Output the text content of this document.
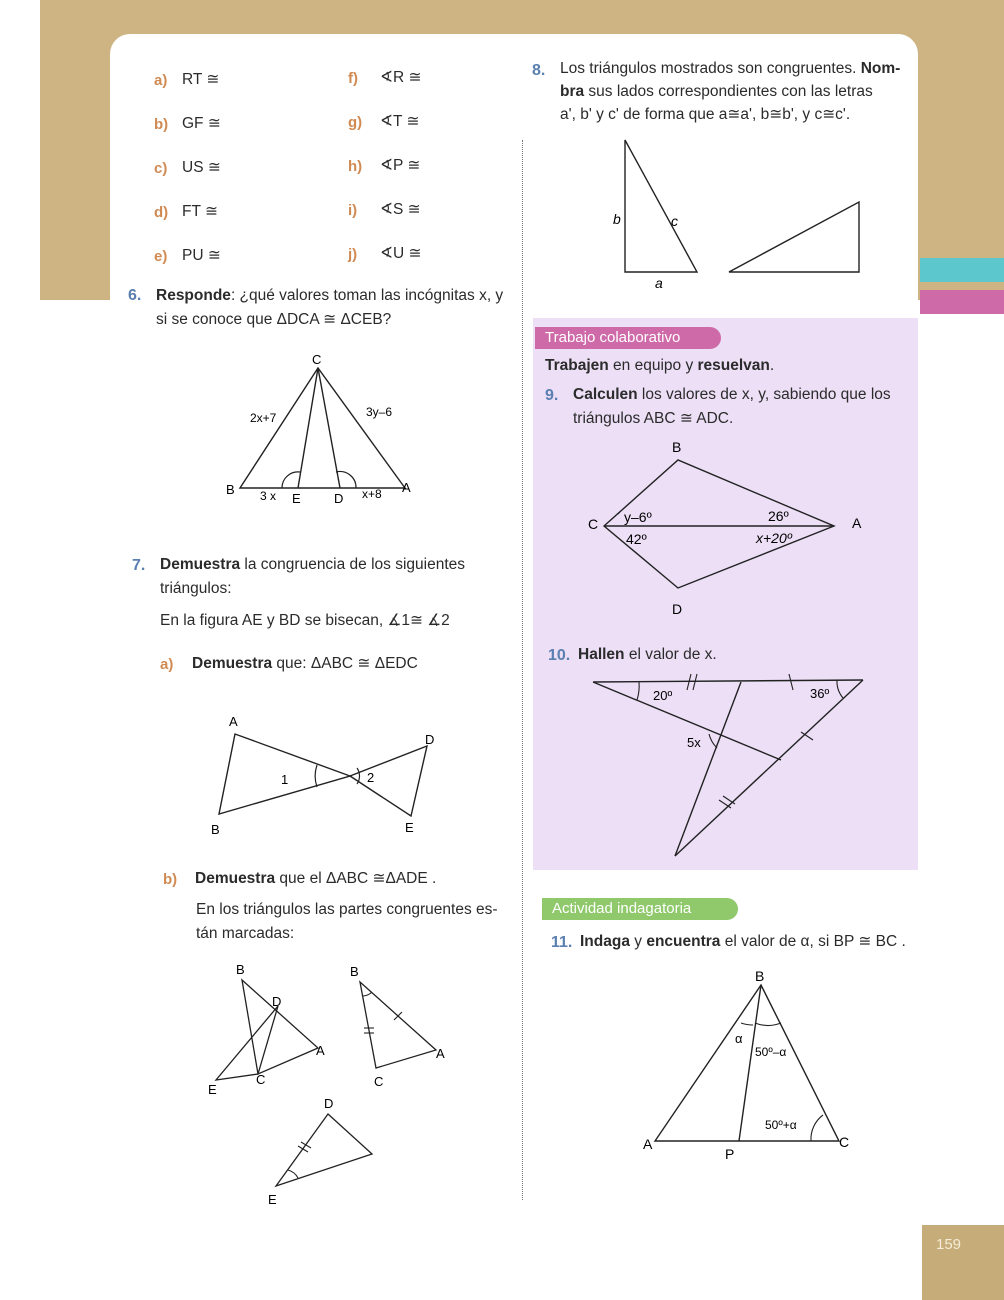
159
a) RT ≅
b) GF ≅
c) US ≅
d) FT ≅
e) PU ≅
f) ∢R ≅
g) ∢T ≅
h) ∢P ≅
i) ∢S ≅
j) ∢U ≅
6. Responde: ¿qué valores toman las incógnitas x, y
si se conoce que ΔDCA ≅ ΔCEB?
C
B
E	D
A
2x+7	3y–6
3 x	x+8
7. Demuestra la congruencia de los siguientes
triángulos:
En la figura AE y BD se bisecan, ∡1≅ ∡2
a) Demuestra que: ΔABC ≅ ΔEDC
A
D
B	E
1	2
b) Demuestra que el ΔABC ≅ΔADE .
En los triángulos las partes congruentes es-
tán marcadas:
B
D
A
E
C
B
A
C
D
E
8. Los triángulos mostrados son congruentes. Nom-
bra sus lados correspondientes con las letras
a', b' y c' de forma que a≅a', b≅b', y c≅c'.
b	c
a
Trabajo colaborativo
Trabajen en equipo y resuelvan.
9. Calculen los valores de x, y, sabiendo que los
triángulos ABC ≅ ADC.
B
C	A
D
y–6º
42º
26º
x+20º
10. Hallen el valor de x.
20º	36º
5x
Actividad indagatoria
11. Indaga y encuentra el valor de α, si BP ≅ BC .
B
A
P
C
α
50º–α
50º+α
